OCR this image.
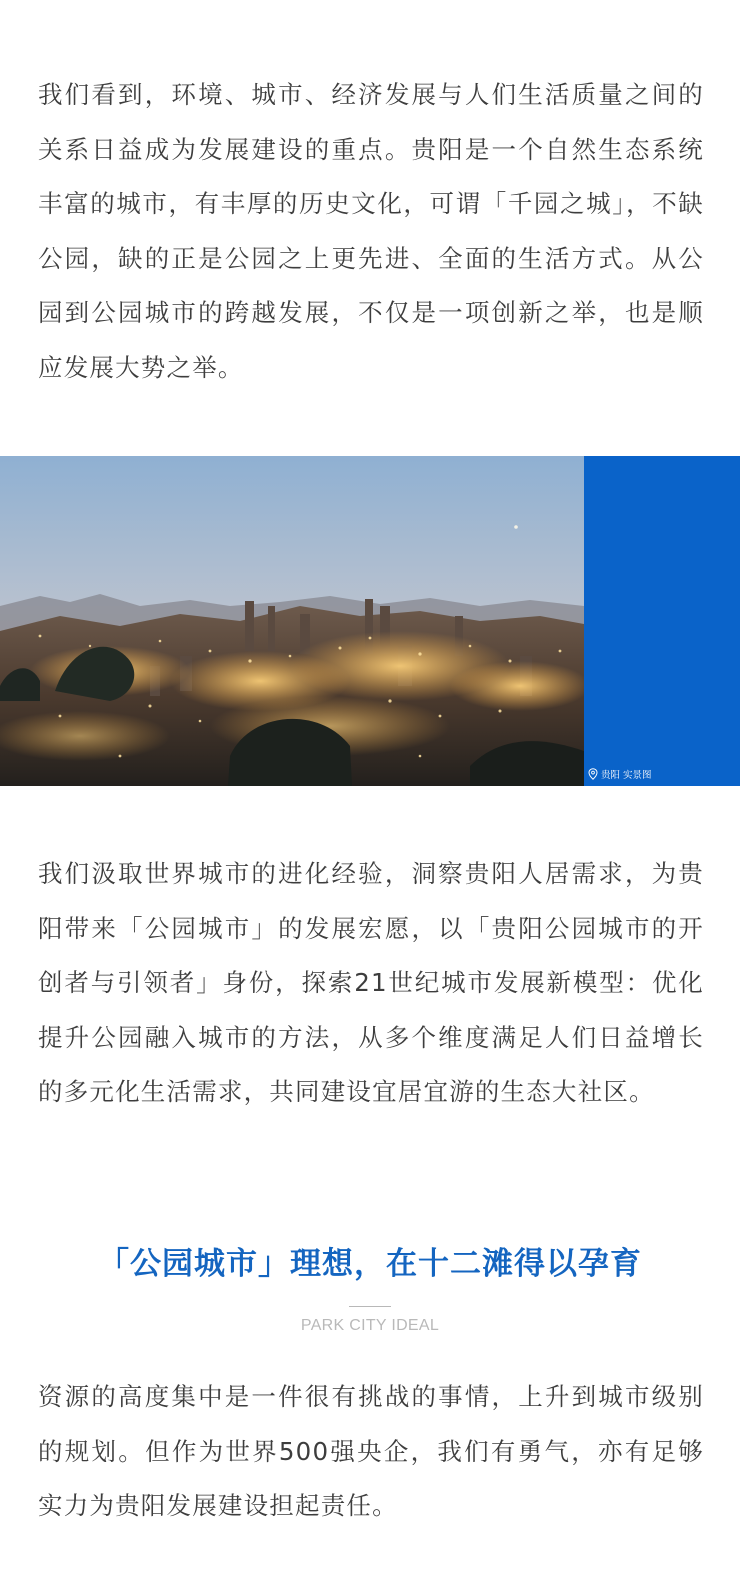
我们看到，环境、城市、经济发展与人们生活质量之间的关系日益成为发展建设的重点。贵阳是一个自然生态系统丰富的城市，有丰厚的历史文化，可谓「千园之城」，不缺公园，缺的正是公园之上更先进、全面的生活方式。从公园到公园城市的跨越发展，不仅是一项创新之举，也是顺应发展大势之举。

贵阳 实景图

我们汲取世界城市的进化经验，洞察贵阳人居需求，为贵阳带来「公园城市」的发展宏愿，以「贵阳公园城市的开创者与引领者」身份，探索21世纪城市发展新模型：优化提升公园融入城市的方法，从多个维度满足人们日益增长的多元化生活需求，共同建设宜居宜游的生态大社区。

「公园城市」理想，在十二滩得以孕育
PARK CITY IDEAL

资源的高度集中是一件很有挑战的事情，上升到城市级别的规划。但作为世界500强央企，我们有勇气，亦有足够实力为贵阳发展建设担起责任。
